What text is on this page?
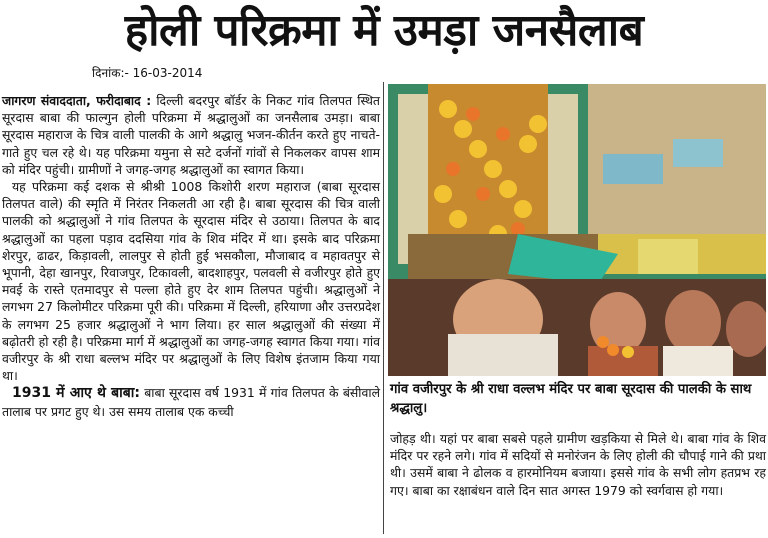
होली परिक्रमा में उमड़ा जनसैलाब
दिनांक:- 16-03-2014

जागरण संवाददाता, फरीदाबाद : दिल्ली बदरपुर बॉर्डर के निकट गांव तिलपत स्थित सूरदास बाबा की फाल्गुन होली परिक्रमा में श्रद्धालुओं का जनसैलाब उमड़ा। बाबा सूरदास महाराज के चित्र वाली पालकी के आगे श्रद्धालु भजन-कीर्तन करते हुए नाचते-गाते हुए चल रहे थे। यह परिक्रमा यमुना से सटे दर्जनों गांवों से निकलकर वापस शाम को मंदिर पहुंची। ग्रामीणों ने जगह-जगह श्रद्धालुओं का स्वागत किया।

यह परिक्रमा कई दशक से श्रीश्री 1008 किशोरी शरण महाराज (बाबा सूरदास तिलपत वाले) की स्मृति में निरंतर निकलती आ रही है। बाबा सूरदास की चित्र वाली पालकी को श्रद्धालुओं ने गांव तिलपत के सूरदास मंदिर से उठाया। तिलपत के बाद श्रद्धालुओं का पहला पड़ाव ददसिया गांव के शिव मंदिर में था। इसके बाद परिक्रमा शेरपुर, ढाढर, किड़ावली, लालपुर से होती हुई भसकौला, मौजाबाद व महावतपुर से भूपानी, देहा खानपुर, रिवाजपुर, टिकावली, बादशाहपुर, पलवली से वजीरपुर होते हुए मवई के रास्ते एतमादपुर से पल्ला होते हुए देर शाम तिलपत पहुंची। श्रद्धालुओं ने लगभग 27 किलोमीटर परिक्रमा पूरी की। परिक्रमा में दिल्ली, हरियाणा और उत्तरप्रदेश के लगभग 25 हजार श्रद्धालुओं ने भाग लिया। हर साल श्रद्धालुओं की संख्या में बढ़ोतरी हो रही है। परिक्रमा मार्ग में श्रद्धालुओं का जगह-जगह स्वागत किया गया। गांव वजीरपुर के श्री राधा बल्लभ मंदिर पर श्रद्धालुओं के लिए विशेष इंतजाम किया गया था।

1931 में आए थे बाबा: बाबा सूरदास वर्ष 1931 में गांव तिलपत के बंसीवाले तालाब पर प्रगट हुए थे। उस समय तालाब एक कच्ची

गांव वजीरपुर के श्री राधा वल्लभ मंदिर पर बाबा सूरदास की पालकी के साथ श्रद्धालु।

जोहड़ थी। यहां पर बाबा सबसे पहले ग्रामीण खड़किया से मिले थे। बाबा गांव के शिव मंदिर पर रहने लगे। गांव में सदियों से मनोरंजन के लिए होली की चौपाई गाने की प्रथा थी। उसमें बाबा ने ढोलक व हारमोनियम बजाया। इससे गांव के सभी लोग हतप्रभ रह गए। बाबा का रक्षाबंधन वाले दिन सात अगस्त 1979 को स्वर्गवास हो गया।
